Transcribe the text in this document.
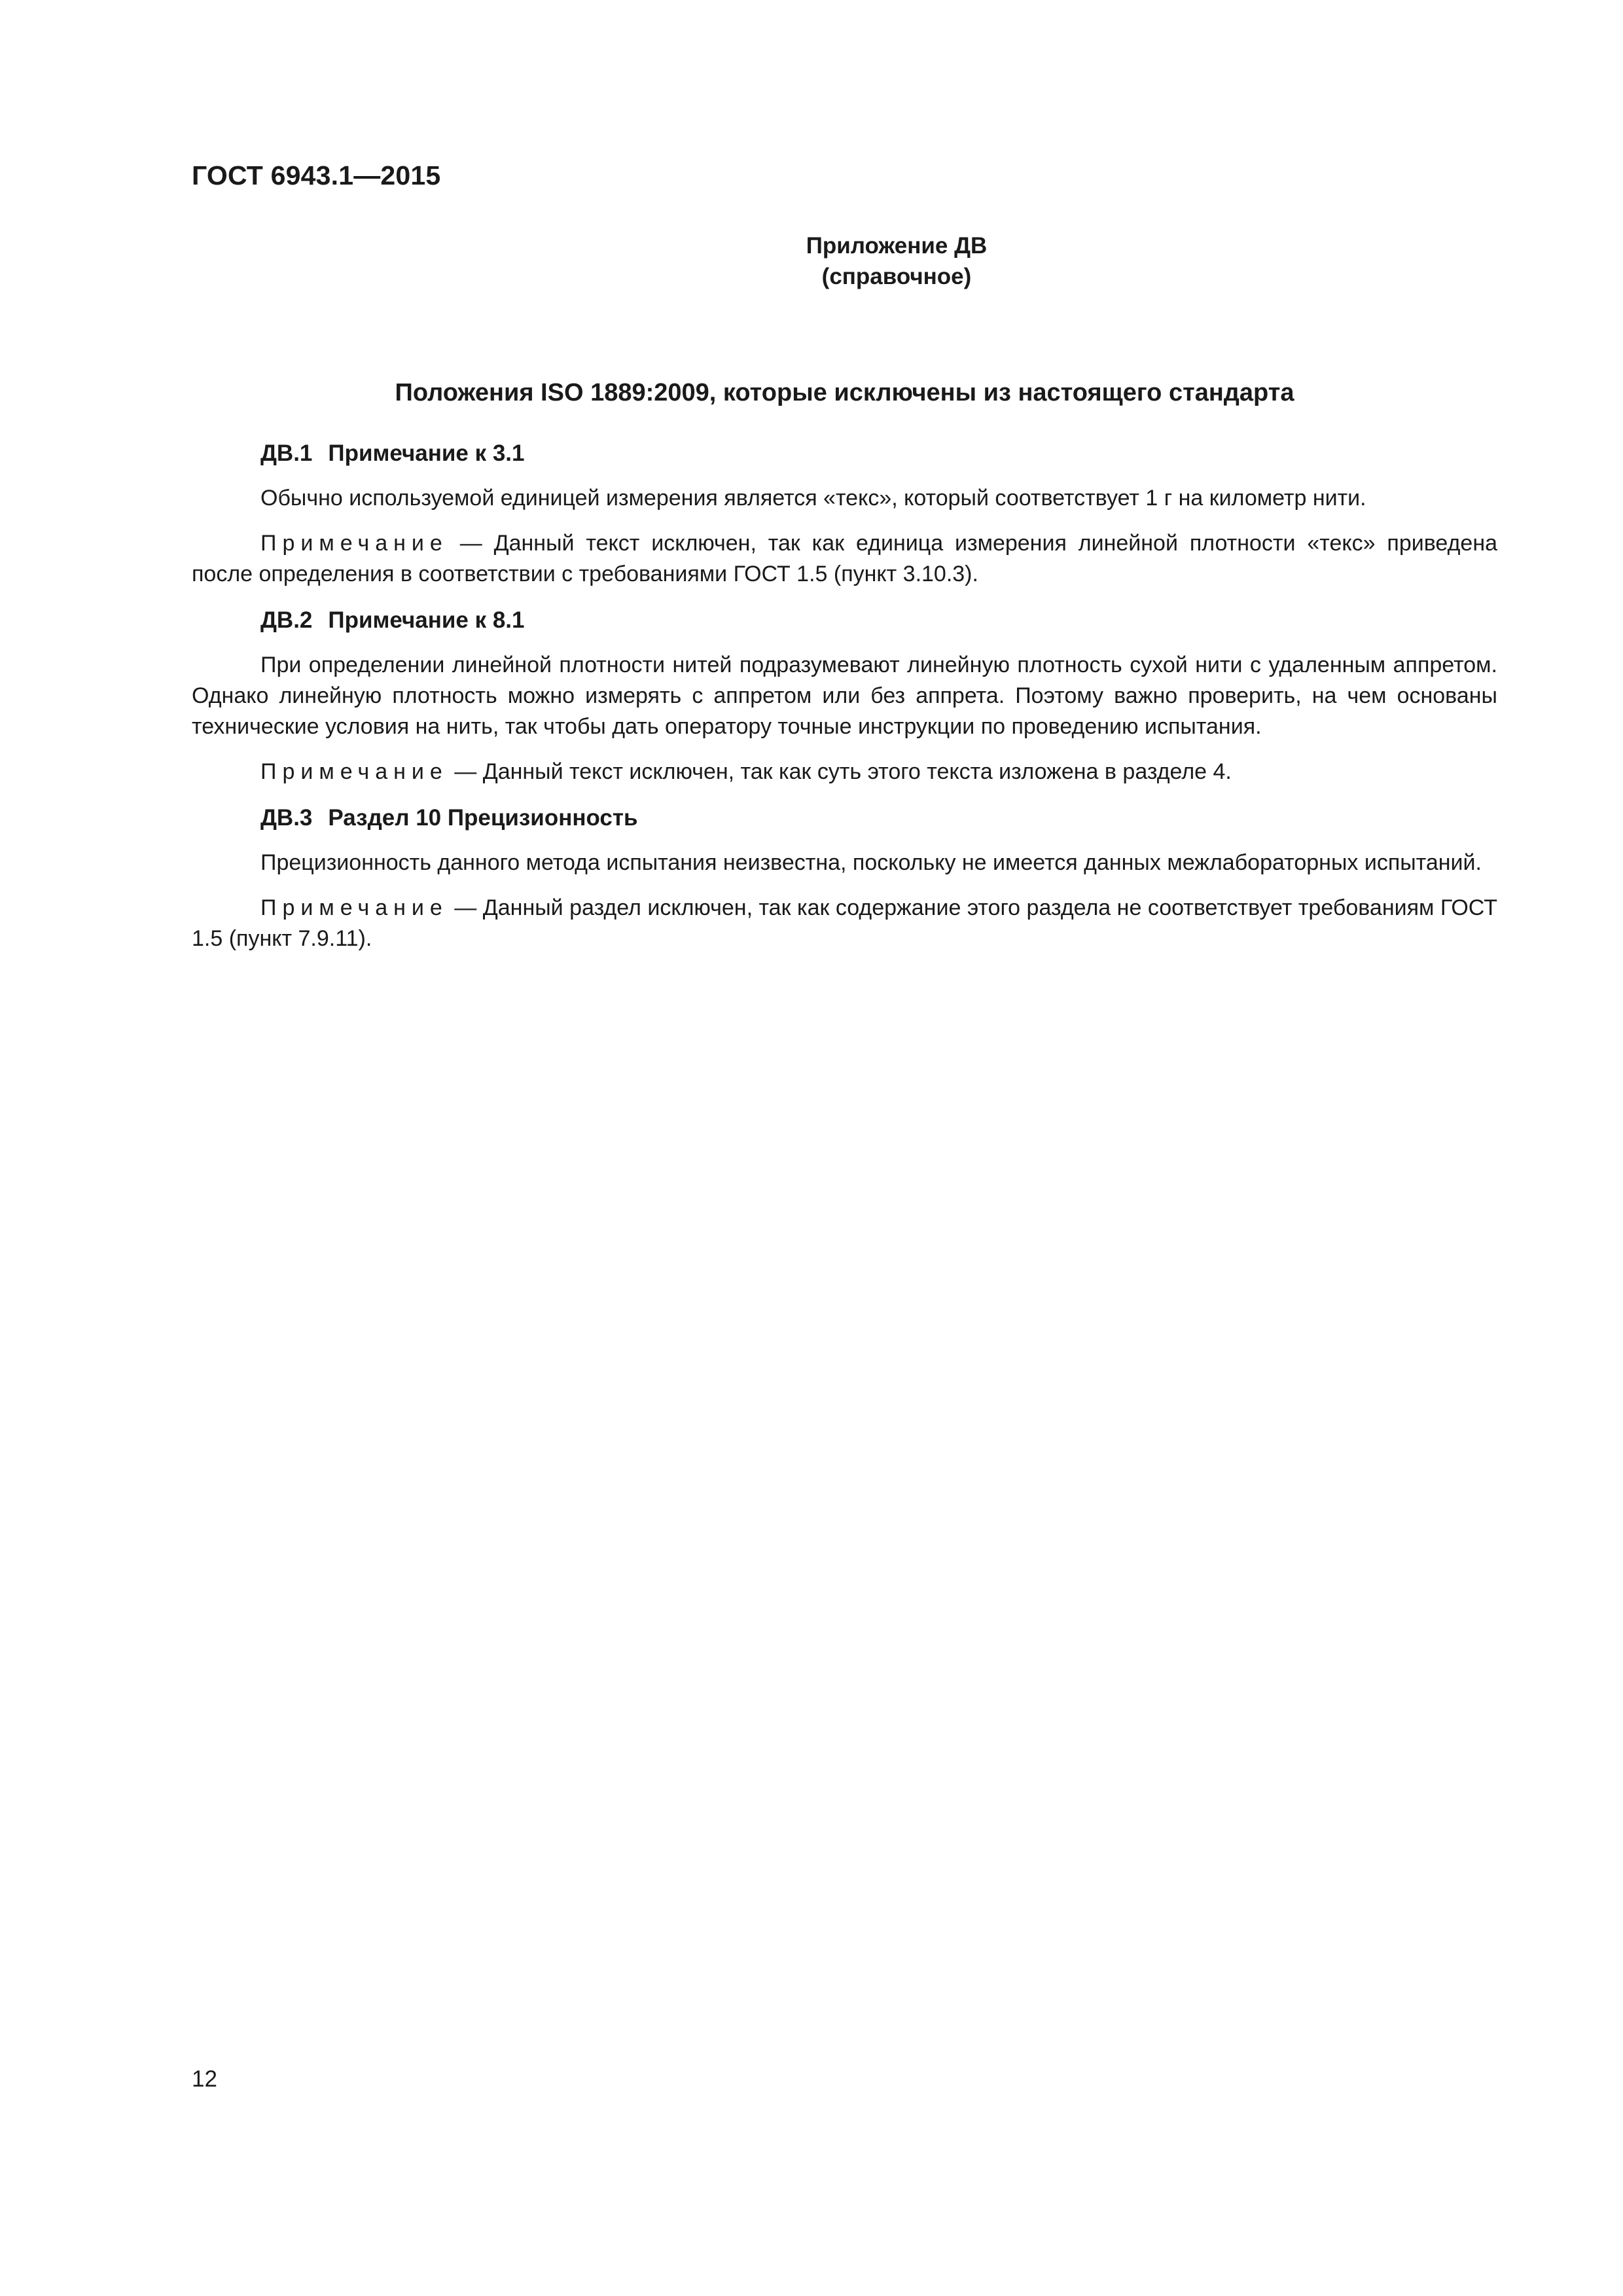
ГОСТ 6943.1—2015
Приложение ДВ
(справочное)
Положения ISO 1889:2009, которые исключены из настоящего стандарта

ДВ.1 Примечание к 3.1

Обычно используемой единицей измерения является «текс», который соответствует 1 г на километр нити.

Примечание — Данный текст исключен, так как единица измерения линейной плотности «текс» приведена после определения в соответствии с требованиями ГОСТ 1.5 (пункт 3.10.3).

ДВ.2 Примечание к 8.1

При определении линейной плотности нитей подразумевают линейную плотность сухой нити с удаленным аппретом. Однако линейную плотность можно измерять с аппретом или без аппрета. Поэтому важно проверить, на чем основаны технические условия на нить, так чтобы дать оператору точные инструкции по проведению испытания.

Примечание — Данный текст исключен, так как суть этого текста изложена в разделе 4.

ДВ.3 Раздел 10 Прецизионность

Прецизионность данного метода испытания неизвестна, поскольку не имеется данных межлабораторных испытаний.

Примечание — Данный раздел исключен, так как содержание этого раздела не соответствует требованиям ГОСТ 1.5 (пункт 7.9.11).

12
